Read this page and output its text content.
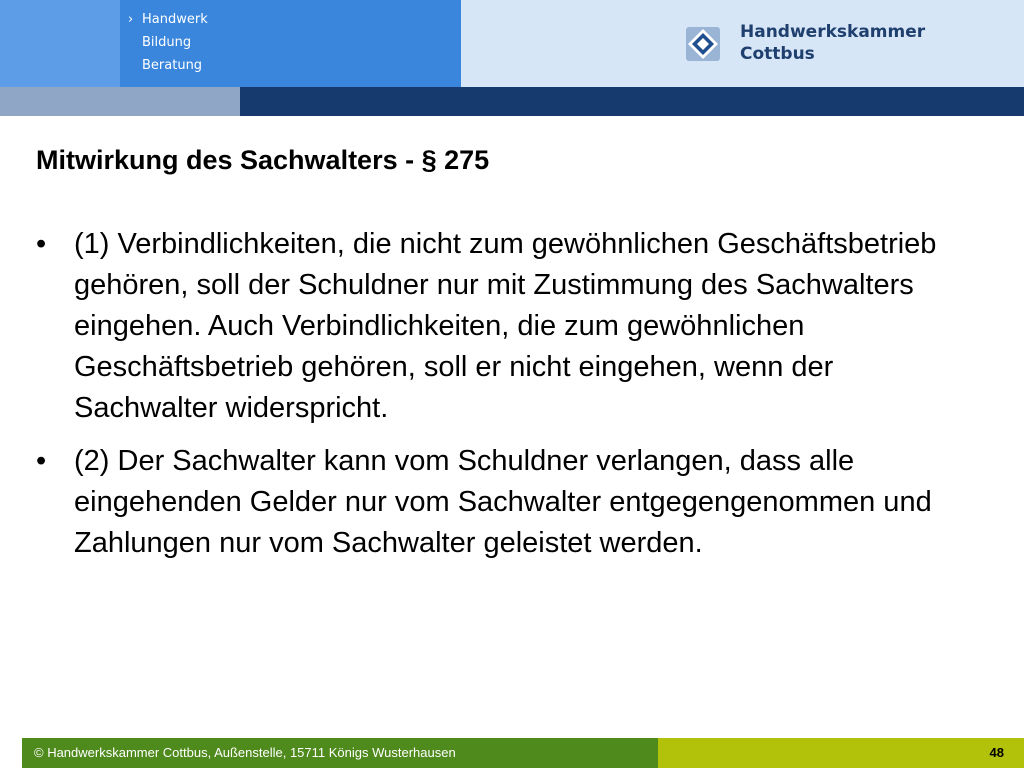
› Handwerk
Bildung
Beratung
Handwerkskammer
Cottbus
Mitwirkung des Sachwalters - § 275
• (1) Verbindlichkeiten, die nicht zum gewöhnlichen Geschäftsbetrieb gehören, soll der Schuldner nur mit Zustimmung des Sachwalters eingehen. Auch Verbindlichkeiten, die zum gewöhnlichen Geschäftsbetrieb gehören, soll er nicht eingehen, wenn der Sachwalter widerspricht.
• (2) Der Sachwalter kann vom Schuldner verlangen, dass alle eingehenden Gelder nur vom Sachwalter entgegengenommen und Zahlungen nur vom Sachwalter geleistet werden.
© Handwerkskammer Cottbus, Außenstelle, 15711 Königs Wusterhausen	48
